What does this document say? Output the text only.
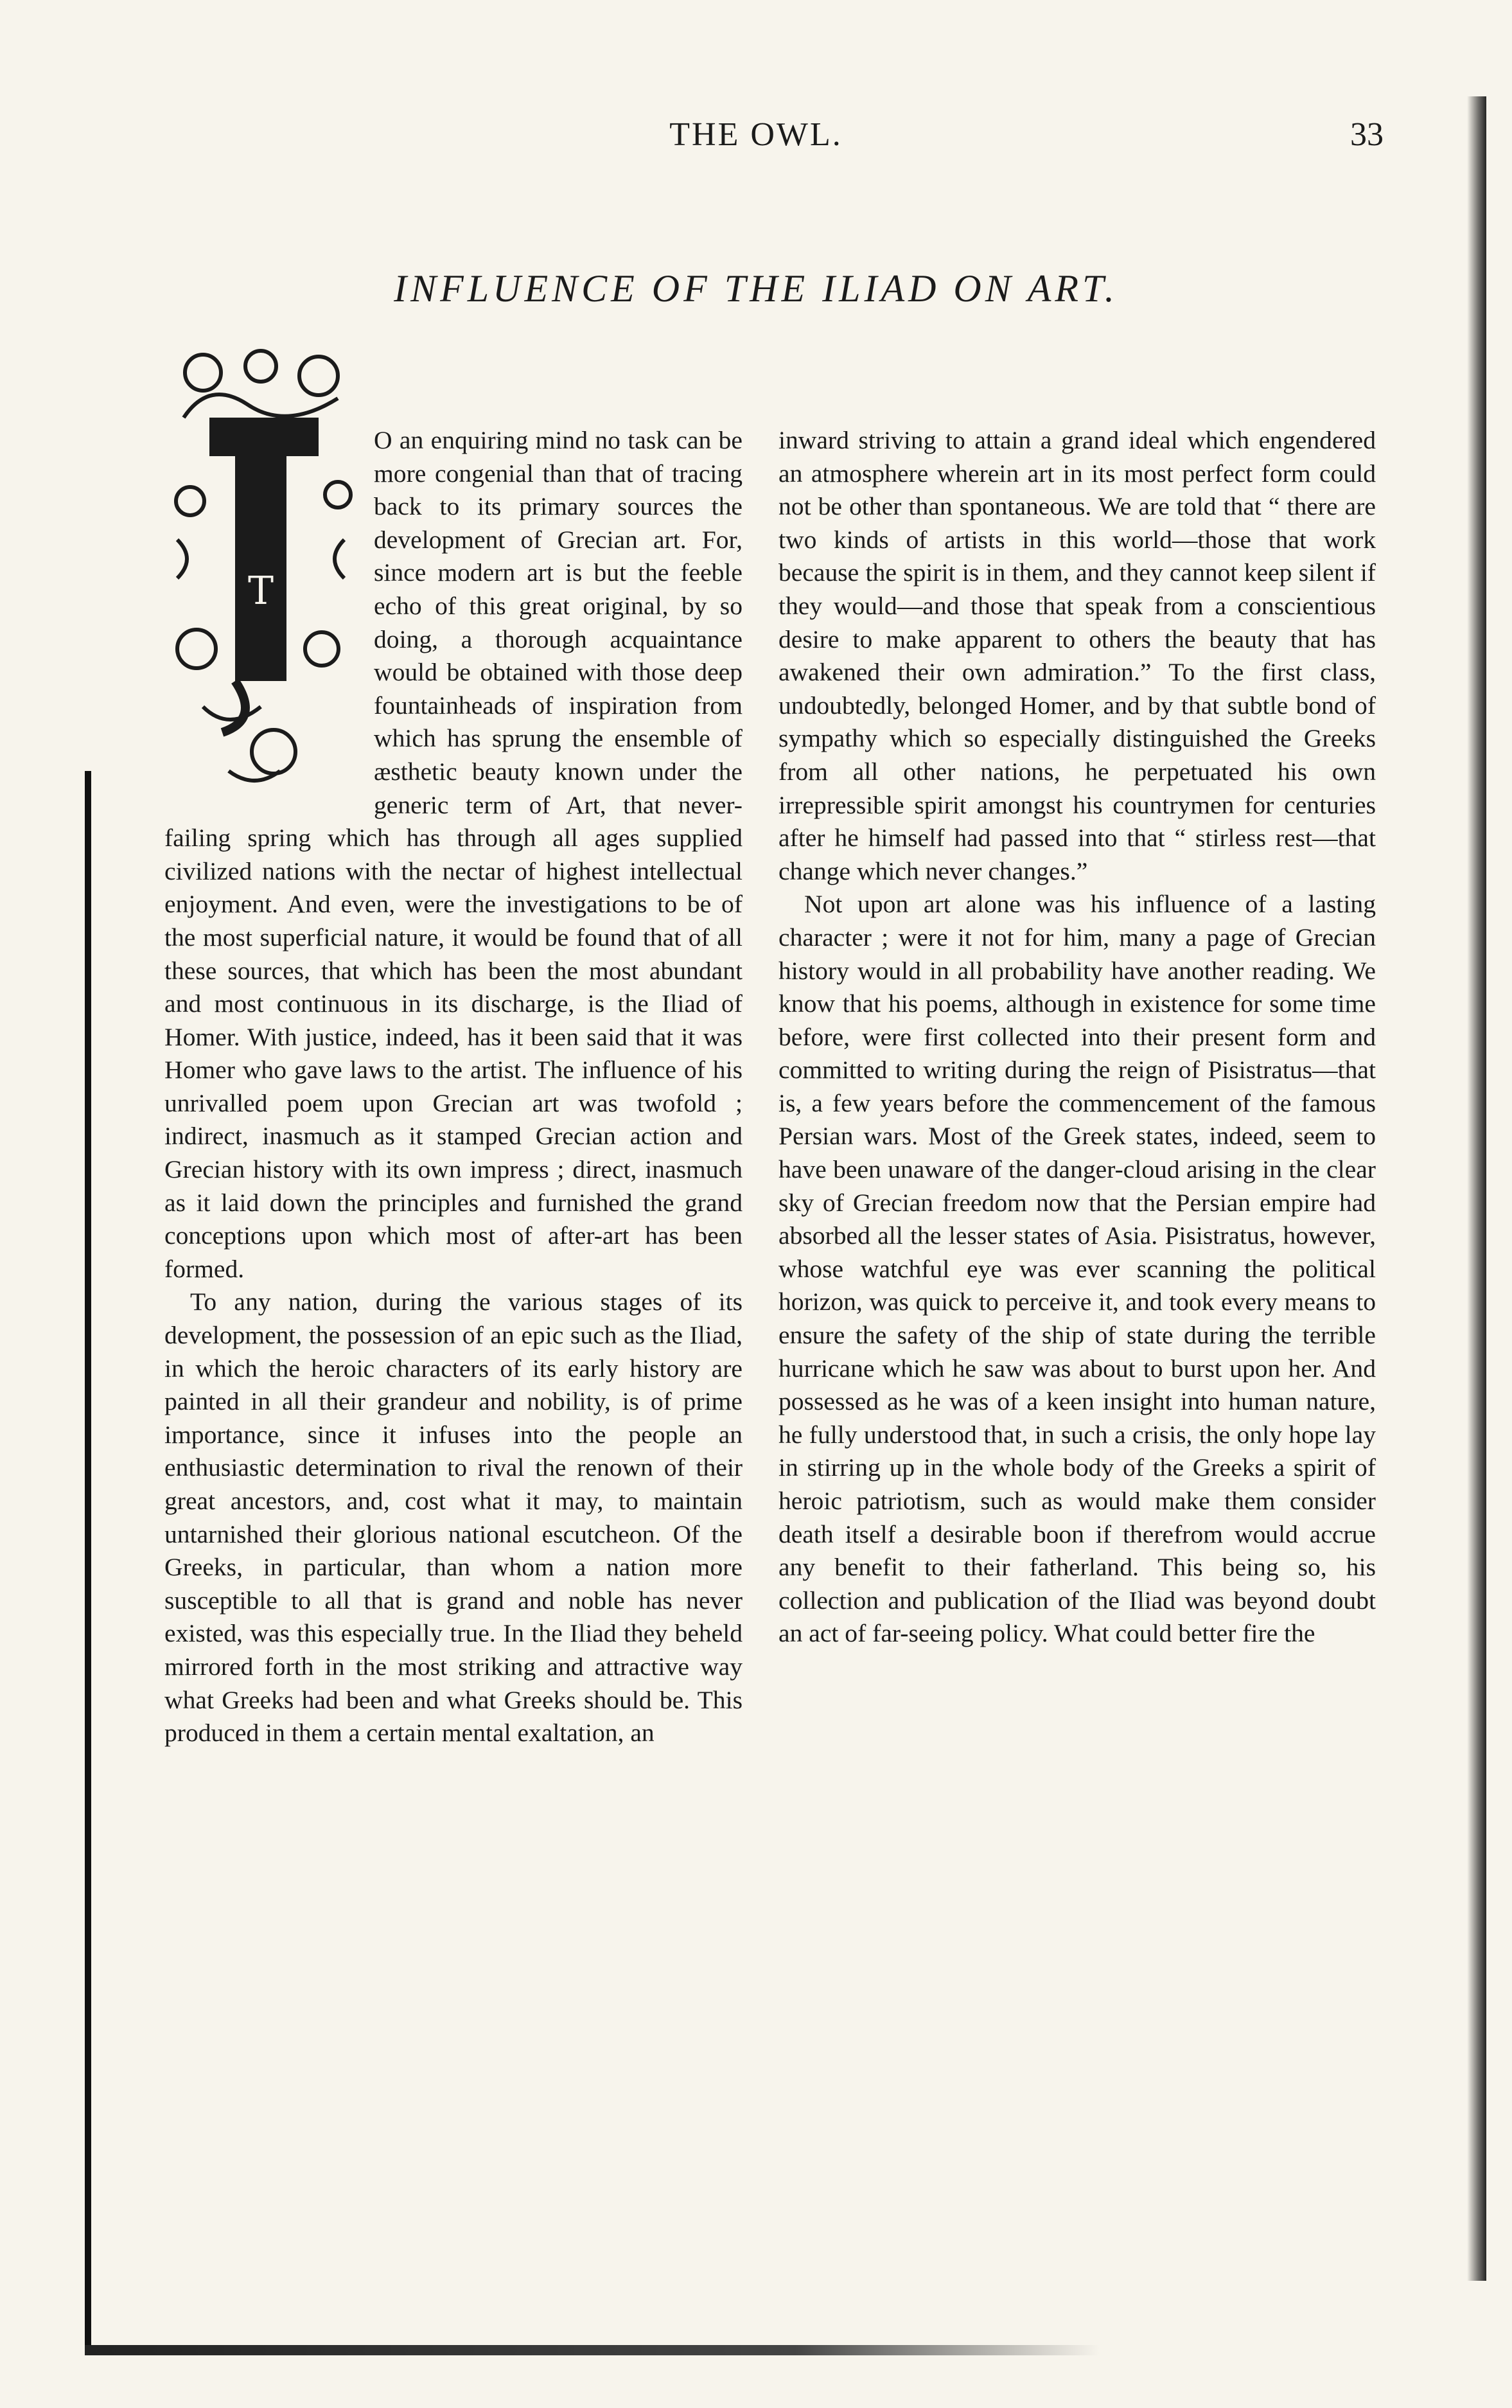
THE OWL.	33
INFLUENCE OF THE ILIAD ON ART.
T

O an enquiring mind no task can be more congenial than that of tracing back to its primary sources the development of Grecian art. For, since modern art is but the feeble echo of this great original, by so doing, a thorough acquaintance would be obtained with those deep fountainheads of inspiration from which has sprung the ensemble of æsthetic beauty known under the generic term of Art, that never-failing spring which has through all ages supplied civilized nations with the nectar of highest intellectual enjoyment. And even, were the investigations to be of the most superficial nature, it would be found that of all these sources, that which has been the most abundant and most continuous in its discharge, is the Iliad of Homer. With justice, indeed, has it been said that it was Homer who gave laws to the artist. The influence of his unrivalled poem upon Grecian art was twofold ; indirect, inasmuch as it stamped Grecian action and Grecian history with its own impress ; direct, inasmuch as it laid down the principles and furnished the grand conceptions upon which most of after-art has been formed.

To any nation, during the various stages of its development, the possession of an epic such as the Iliad, in which the heroic characters of its early history are painted in all their grandeur and nobility, is of prime importance, since it infuses into the people an enthusiastic determination to rival the renown of their great ancestors, and, cost what it may, to maintain untarnished their glorious national escutcheon. Of the Greeks, in particular, than whom a nation more susceptible to all that is grand and noble has never existed, was this especially true. In the Iliad they beheld mirrored forth in the most striking and attractive way what Greeks had been and what Greeks should be. This produced in them a certain mental exaltation, an

inward striving to attain a grand ideal which engendered an atmosphere wherein art in its most perfect form could not be other than spontaneous. We are told that “ there are two kinds of artists in this world—those that work because the spirit is in them, and they cannot keep silent if they would—and those that speak from a conscientious desire to make apparent to others the beauty that has awakened their own admiration.” To the first class, undoubtedly, belonged Homer, and by that subtle bond of sympathy which so especially distinguished the Greeks from all other nations, he perpetuated his own irrepressible spirit amongst his countrymen for centuries after he himself had passed into that “ stirless rest—that change which never changes.”

Not upon art alone was his influence of a lasting character ; were it not for him, many a page of Grecian history would in all probability have another reading. We know that his poems, although in existence for some time before, were first collected into their present form and committed to writing during the reign of Pisistratus—that is, a few years before the commencement of the famous Persian wars. Most of the Greek states, indeed, seem to have been unaware of the danger-cloud arising in the clear sky of Grecian freedom now that the Persian empire had absorbed all the lesser states of Asia. Pisistratus, however, whose watchful eye was ever scanning the political horizon, was quick to perceive it, and took every means to ensure the safety of the ship of state during the terrible hurricane which he saw was about to burst upon her. And possessed as he was of a keen insight into human nature, he fully understood that, in such a crisis, the only hope lay in stirring up in the whole body of the Greeks a spirit of heroic patriotism, such as would make them consider death itself a desirable boon if therefrom would accrue any benefit to their fatherland. This being so, his collection and publication of the Iliad was beyond doubt an act of far-seeing policy. What could better fire the
